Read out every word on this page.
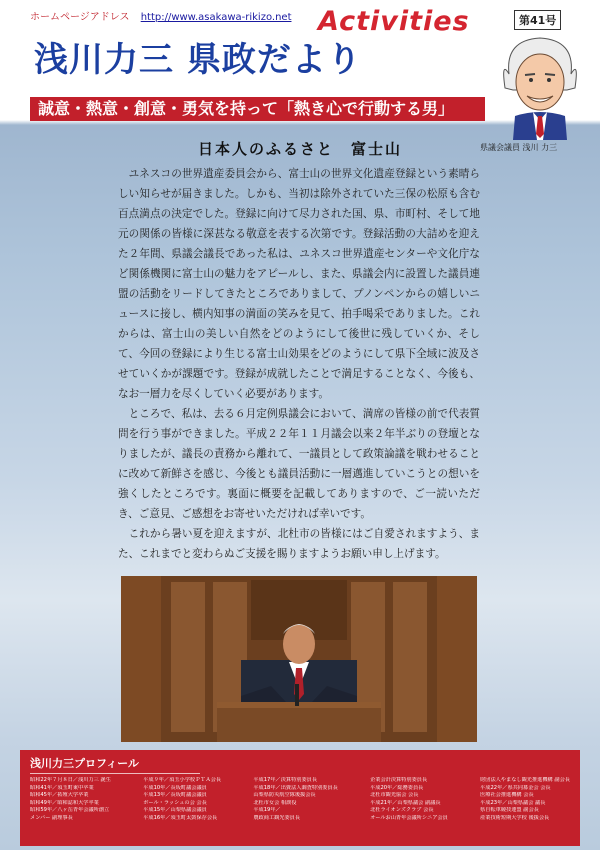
ホームページアドレス http://www.asakawa-rikizo.net Activities	第41号
浅川力三 県政だより
誠意・熱意・創意・勇気を持って「熱き心で行動する男」
県議会議員 浅川 力三
日本人のふるさと　富士山

ユネスコの世界遺産委員会から、富士山の世界文化遺産登録という素晴らしい知らせが届きました。しかも、当初は除外されていた三保の松原も含む百点満点の決定でした。登録に向けて尽力された国、県、市町村、そして地元の関係の皆様に深甚なる敬意を表する次第です。登録活動の大詰めを迎えた２年間、県議会議長であった私は、ユネスコ世界遺産センターや文化庁など関係機関に富士山の魅力をアピールし、また、県議会内に設置した議員連盟の活動をリードしてきたところでありまして、プノンペンからの嬉しいニュースに接し、横内知事の満面の笑みを見て、拍手喝采でありました。これからは、富士山の美しい自然をどのようにして後世に残していくか、そして、今回の登録により生じる富士山効果をどのようにして県下全域に波及させていくかが課題です。登録が成就したことで満足することなく、今後も、なお一層力を尽くしていく必要があります。

ところで、私は、去る６月定例県議会において、満席の皆様の前で代表質問を行う事ができました。平成２２年１１月議会以来２年半ぶりの登壇となりましたが、議長の責務から離れて、一議員として政策論議を戦わせることに改めて新鮮さを感じ、今後とも議員活動に一層邁進していこうとの想いを強くしたところです。裏面に概要を記載してありますので、ご一読いただき、ご意見、ご感想をお寄せいただければ幸いです。

これから暑い夏を迎えますが、北杜市の皆様にはご自愛されますよう、また、これまでと変わらぬご支援を賜りますようお願い申し上げます。

浅川力三プロフィール
昭和22年７月８日／浅川力三 誕生
昭和41年／須玉町東中卒業
昭和45年／拓殖大学卒業
昭和49年／昭和誌和大学卒業
昭和59年／八ヶ岳青年会議所創立
メンバー 副理事長
平成９年／須玉小学校ＰＴＡ会長
平成10年／長坂町議会議員
平成13年／長坂町議会議員
ボール・ラッシュの会 会長
平成15年／山梨県議会議員
平成16年／須玉町太鼓保存会長
平成17年／決算特別委員長
平成18年／出資法人調査特別委員長
山梨県防災航空隊後援会長
北杜市女会 相談役
平成19年／
農政商工観光委員長
企業会計決算特別委員長
平成20年／総務委員長
北杜市観光協会 会長
平成21年／山梨県議会 副議長
北杜ライオンズクラブ 会長
オールお山青年会議所シニア会員
財団法人やまなし観光推進機構 副会長
平成22年／県共同募金会 会長
医療社会推進機構 会長
平成23年／山梨県議会 議長
県自転車競技連盟 副会長
産業技術短期大学校 後援会長
